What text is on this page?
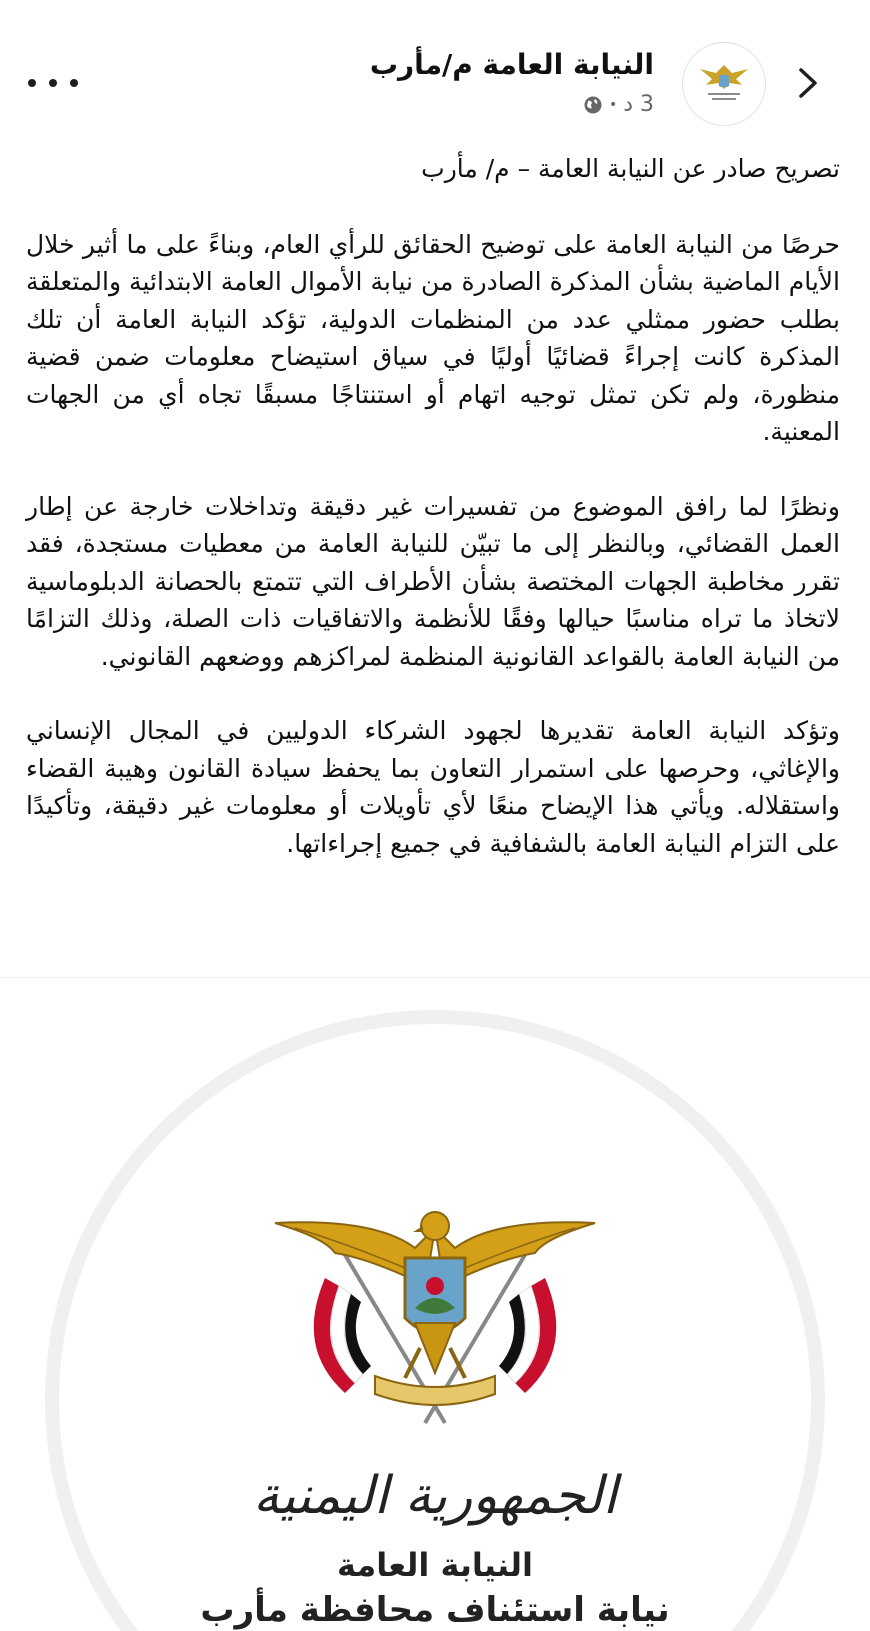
النيابة العامة م/مأرب
3 د
•

تصريح صادر عن النيابة العامة – م/ مأرب

حرصًا من النيابة العامة على توضيح الحقائق للرأي العام، وبناءً على ما أثير خلال الأيام الماضية بشأن المذكرة الصادرة من نيابة الأموال العامة الابتدائية والمتعلقة بطلب حضور ممثلي عدد من المنظمات الدولية، تؤكد النيابة العامة أن تلك المذكرة كانت إجراءً قضائيًا أوليًا في سياق استيضاح معلومات ضمن قضية منظورة، ولم تكن تمثل توجيه اتهام أو استنتاجًا مسبقًا تجاه أي من الجهات المعنية.

ونظرًا لما رافق الموضوع من تفسيرات غير دقيقة وتداخلات خارجة عن إطار العمل القضائي، وبالنظر إلى ما تبيّن للنيابة العامة من معطيات مستجدة، فقد تقرر مخاطبة الجهات المختصة بشأن الأطراف التي تتمتع بالحصانة الدبلوماسية لاتخاذ ما تراه مناسبًا حيالها وفقًا للأنظمة والاتفاقيات ذات الصلة، وذلك التزامًا من النيابة العامة بالقواعد القانونية المنظمة لمراكزهم ووضعهم القانوني.

وتؤكد النيابة العامة تقديرها لجهود الشركاء الدوليين في المجال الإنساني والإغاثي، وحرصها على استمرار التعاون بما يحفظ سيادة القانون وهيبة القضاء واستقلاله. ويأتي هذا الإيضاح منعًا لأي تأويلات أو معلومات غير دقيقة، وتأكيدًا على التزام النيابة العامة بالشفافية في جميع إجراءاتها.

الجمهورية اليمنية
النيابة العامة
نيابة استئناف محافظة مأرب
